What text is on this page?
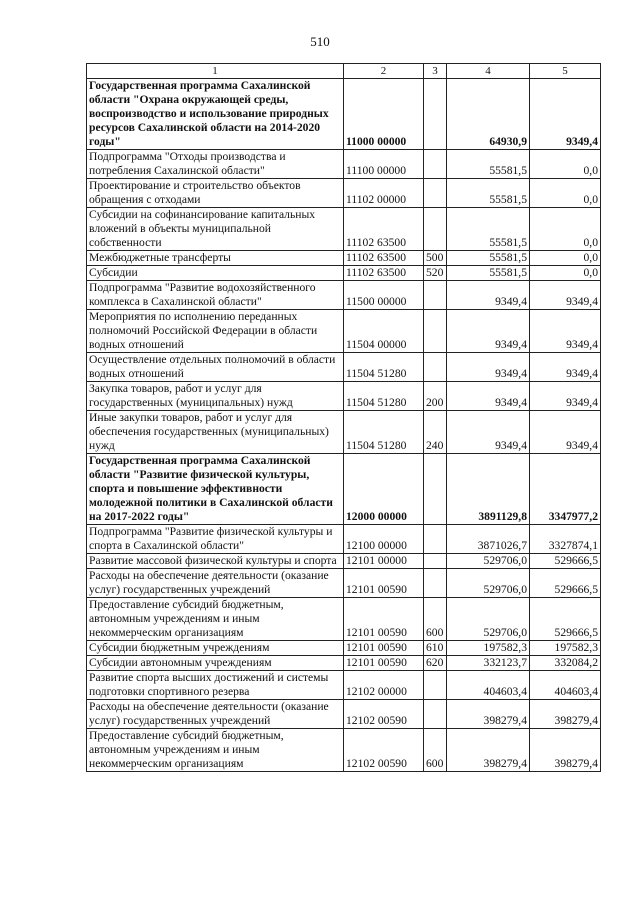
510
1	2	3	4	5
Государственная программа Сахалинской области "Охрана окружающей среды, воспроизводство и использование природных ресурсов Сахалинской области на 2014-2020 годы"	11000 00000		64930,9	9349,4
Подпрограмма "Отходы производства и потребления Сахалинской области"	11100 00000		55581,5	0,0
Проектирование и строительство объектов обращения с отходами	11102 00000		55581,5	0,0
Субсидии на софинансирование капитальных вложений в объекты муниципальной собственности	11102 63500		55581,5	0,0
Межбюджетные трансферты	11102 63500	500	55581,5	0,0
Субсидии	11102 63500	520	55581,5	0,0
Подпрограмма "Развитие водохозяйственного комплекса в Сахалинской области"	11500 00000		9349,4	9349,4
Мероприятия по исполнению переданных полномочий Российской Федерации в области водных отношений	11504 00000		9349,4	9349,4
Осуществление отдельных полномочий в области водных отношений	11504 51280		9349,4	9349,4
Закупка товаров, работ и услуг для государственных (муниципальных) нужд	11504 51280	200	9349,4	9349,4
Иные закупки товаров, работ и услуг для обеспечения государственных (муниципальных) нужд	11504 51280	240	9349,4	9349,4
Государственная программа Сахалинской области "Развитие физической культуры, спорта и повышение эффективности молодежной политики в Сахалинской области на 2017-2022 годы"	12000 00000		3891129,8	3347977,2
Подпрограмма "Развитие физической культуры и спорта в Сахалинской области"	12100 00000		3871026,7	3327874,1
Развитие массовой физической культуры и спорта	12101 00000		529706,0	529666,5
Расходы на обеспечение деятельности (оказание услуг) государственных учреждений	12101 00590		529706,0	529666,5
Предоставление субсидий бюджетным, автономным учреждениям и иным некоммерческим организациям	12101 00590	600	529706,0	529666,5
Субсидии бюджетным учреждениям	12101 00590	610	197582,3	197582,3
Субсидии автономным учреждениям	12101 00590	620	332123,7	332084,2
Развитие спорта высших достижений и системы подготовки спортивного резерва	12102 00000		404603,4	404603,4
Расходы на обеспечение деятельности (оказание услуг) государственных учреждений	12102 00590		398279,4	398279,4
Предоставление субсидий бюджетным, автономным учреждениям и иным некоммерческим организациям	12102 00590	600	398279,4	398279,4
